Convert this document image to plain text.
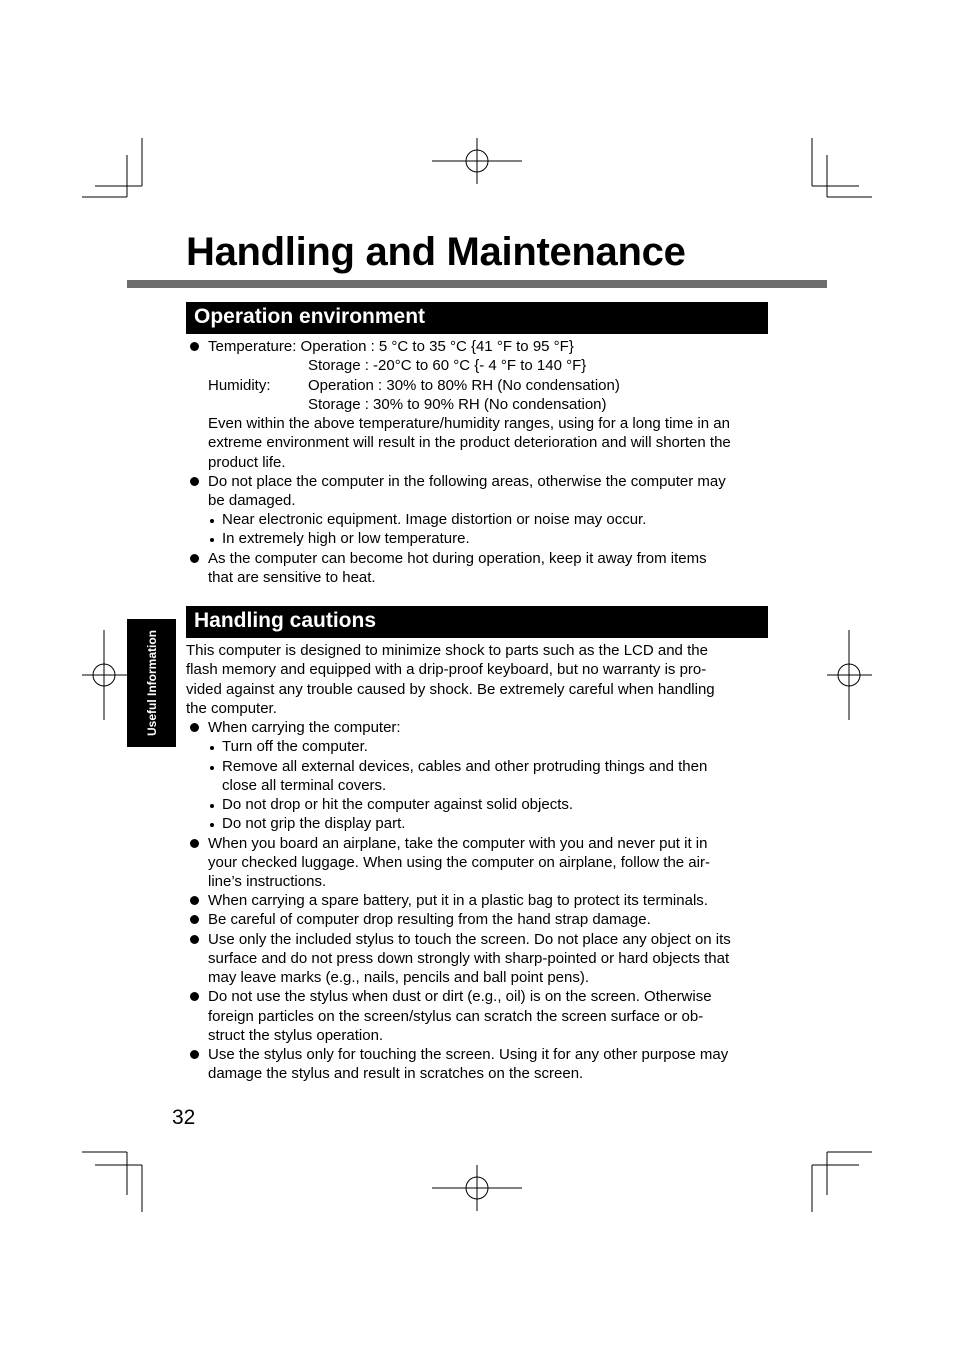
Handling and Maintenance
Operation environment
Temperature: Operation : 5 °C to 35 °C {41 °F to 95 °F}
Storage : -20°C to 60 °C {- 4 °F to 140 °F}
Humidity: Operation : 30% to 80% RH (No condensation)
Storage : 30% to 90% RH (No condensation)
Even within the above temperature/humidity ranges, using for a long time in an
extreme environment will result in the product deterioration and will shorten the
product life.
Do not place the computer in the following areas, otherwise the computer may
be damaged.
Near electronic equipment. Image distortion or noise may occur.
In extremely high or low temperature.
As the computer can become hot during operation, keep it away from items
that are sensitive to heat.
Handling cautions
This computer is designed to minimize shock to parts such as the LCD and the
flash memory and equipped with a drip-proof keyboard, but no warranty is pro-
vided against any trouble caused by shock. Be extremely careful when handling
the computer.
When carrying the computer:
Turn off the computer.
Remove all external devices, cables and other protruding things and then
close all terminal covers.
Do not drop or hit the computer against solid objects.
Do not grip the display part.
When you board an airplane, take the computer with you and never put it in
your checked luggage. When using the computer on airplane, follow the air-
line’s instructions.
When carrying a spare battery, put it in a plastic bag to protect its terminals.
Be careful of computer drop resulting from the hand strap damage.
Use only the included stylus to touch the screen. Do not place any object on its
surface and do not press down strongly with sharp-pointed or hard objects that
may leave marks (e.g., nails, pencils and ball point pens).
Do not use the stylus when dust or dirt (e.g., oil) is on the screen. Otherwise
foreign particles on the screen/stylus can scratch the screen surface or ob-
struct the stylus operation.
Use the stylus only for touching the screen. Using it for any other purpose may
damage the stylus and result in scratches on the screen.
Useful Information
32
